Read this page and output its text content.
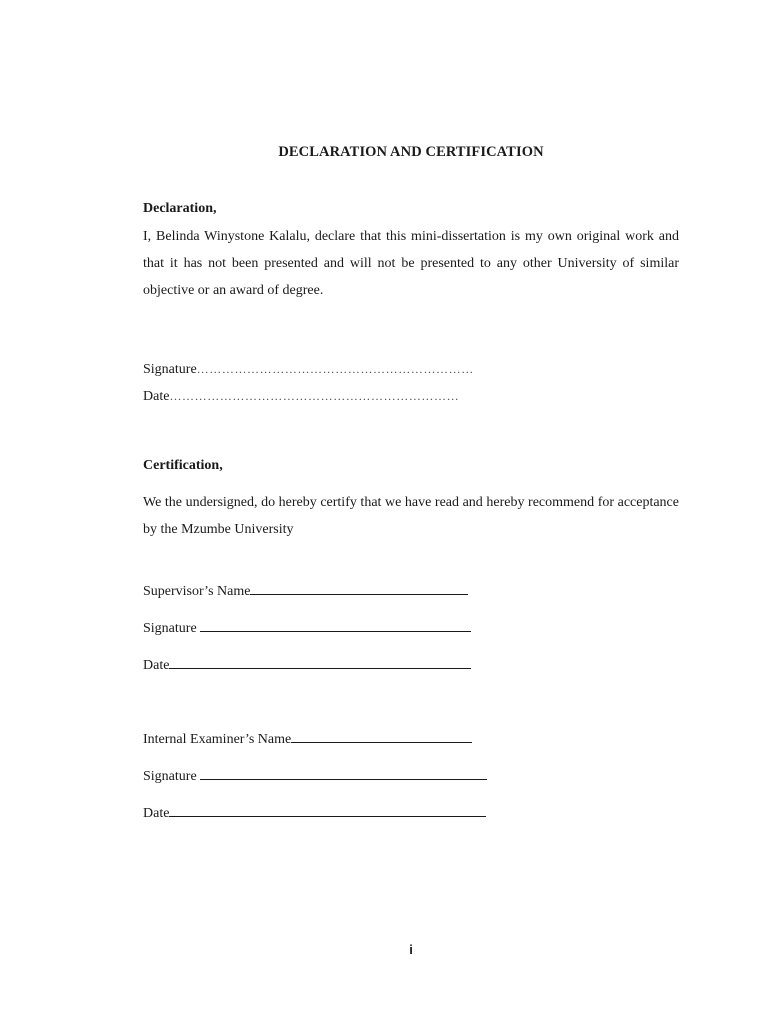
DECLARATION AND CERTIFICATION
Declaration,
I, Belinda Winystone Kalalu, declare that this mini-dissertation is my own original work and that it has not been presented and will not be presented to any other University of similar objective or an award of degree.
Signature…………………………………………………………
Date……………………………………………………………
Certification,
We the undersigned, do hereby certify that we have read and hereby recommend for acceptance by the Mzumbe University
Supervisor’s Name
Signature
Date
Internal Examiner’s Name
Signature
Date
i
